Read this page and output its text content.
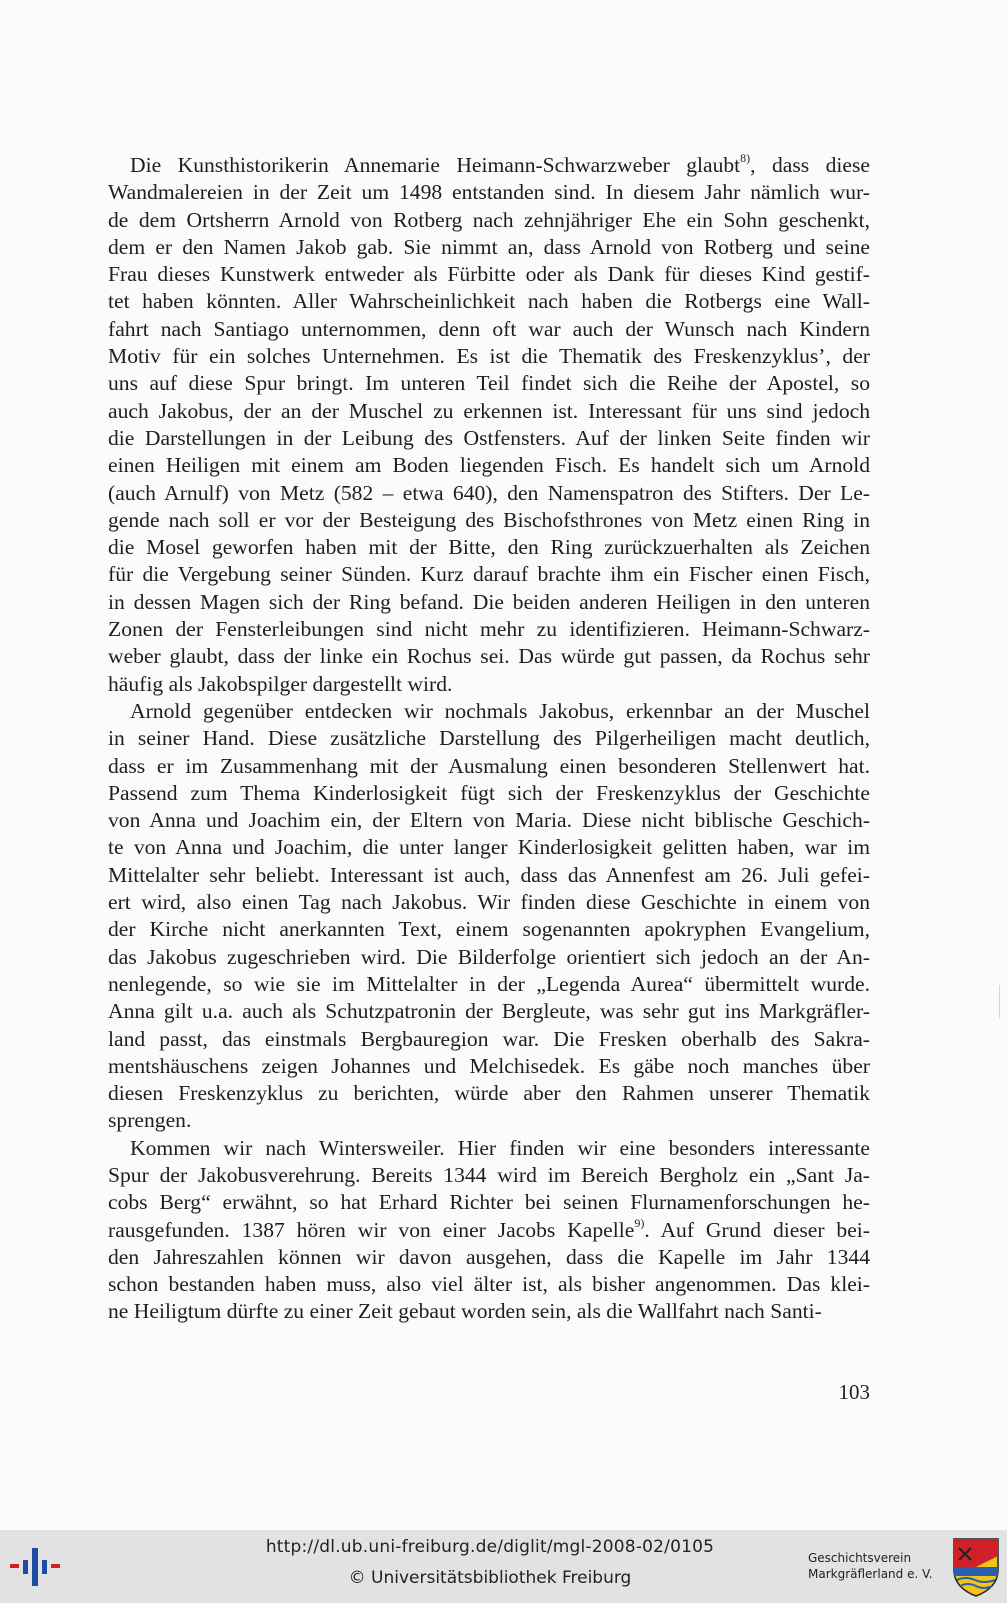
Die Kunsthistorikerin Annemarie Heimann-Schwarzweber glaubt$^{8)}$, dass diese
Wandmalereien in der Zeit um 1498 entstanden sind. In diesem Jahr nämlich wur-
de dem Ortsherrn Arnold von Rotberg nach zehnjähriger Ehe ein Sohn geschenkt,
dem er den Namen Jakob gab. Sie nimmt an, dass Arnold von Rotberg und seine
Frau dieses Kunstwerk entweder als Fürbitte oder als Dank für dieses Kind gestif-
tet haben könnten. Aller Wahrscheinlichkeit nach haben die Rotbergs eine Wall-
fahrt nach Santiago unternommen, denn oft war auch der Wunsch nach Kindern
Motiv für ein solches Unternehmen. Es ist die Thematik des Freskenzyklus’, der
uns auf diese Spur bringt. Im unteren Teil findet sich die Reihe der Apostel, so
auch Jakobus, der an der Muschel zu erkennen ist. Interessant für uns sind jedoch
die Darstellungen in der Leibung des Ostfensters. Auf der linken Seite finden wir
einen Heiligen mit einem am Boden liegenden Fisch. Es handelt sich um Arnold
(auch Arnulf) von Metz (582 – etwa 640), den Namenspatron des Stifters. Der Le-
gende nach soll er vor der Besteigung des Bischofsthrones von Metz einen Ring in
die Mosel geworfen haben mit der Bitte, den Ring zurückzuerhalten als Zeichen
für die Vergebung seiner Sünden. Kurz darauf brachte ihm ein Fischer einen Fisch,
in dessen Magen sich der Ring befand. Die beiden anderen Heiligen in den unteren
Zonen der Fensterleibungen sind nicht mehr zu identifizieren. Heimann-Schwarz-
weber glaubt, dass der linke ein Rochus sei. Das würde gut passen, da Rochus sehr
häufig als Jakobspilger dargestellt wird.
Arnold gegenüber entdecken wir nochmals Jakobus, erkennbar an der Muschel
in seiner Hand. Diese zusätzliche Darstellung des Pilgerheiligen macht deutlich,
dass er im Zusammenhang mit der Ausmalung einen besonderen Stellenwert hat.
Passend zum Thema Kinderlosigkeit fügt sich der Freskenzyklus der Geschichte
von Anna und Joachim ein, der Eltern von Maria. Diese nicht biblische Geschich-
te von Anna und Joachim, die unter langer Kinderlosigkeit gelitten haben, war im
Mittelalter sehr beliebt. Interessant ist auch, dass das Annenfest am 26. Juli gefei-
ert wird, also einen Tag nach Jakobus. Wir finden diese Geschichte in einem von
der Kirche nicht anerkannten Text, einem sogenannten apokryphen Evangelium,
das Jakobus zugeschrieben wird. Die Bilderfolge orientiert sich jedoch an der An-
nenlegende, so wie sie im Mittelalter in der „Legenda Aurea“ übermittelt wurde.
Anna gilt u.a. auch als Schutzpatronin der Bergleute, was sehr gut ins Markgräfler-
land passt, das einstmals Bergbauregion war. Die Fresken oberhalb des Sakra-
mentshäuschens zeigen Johannes und Melchisedek. Es gäbe noch manches über
diesen Freskenzyklus zu berichten, würde aber den Rahmen unserer Thematik
sprengen.
Kommen wir nach Wintersweiler. Hier finden wir eine besonders interessante
Spur der Jakobusverehrung. Bereits 1344 wird im Bereich Bergholz ein „Sant Ja-
cobs Berg“ erwähnt, so hat Erhard Richter bei seinen Flurnamenforschungen he-
rausgefunden. 1387 hören wir von einer Jacobs Kapelle$^{9)}$. Auf Grund dieser bei-
den Jahreszahlen können wir davon ausgehen, dass die Kapelle im Jahr 1344
schon bestanden haben muss, also viel älter ist, als bisher angenommen. Das klei-
ne Heiligtum dürfte zu einer Zeit gebaut worden sein, als die Wallfahrt nach Santi-
103
http://dl.ub.uni-freiburg.de/diglit/mgl-2008-02/0105
© Universitätsbibliothek Freiburg
Geschichtsverein
Markgräflerland e. V.
